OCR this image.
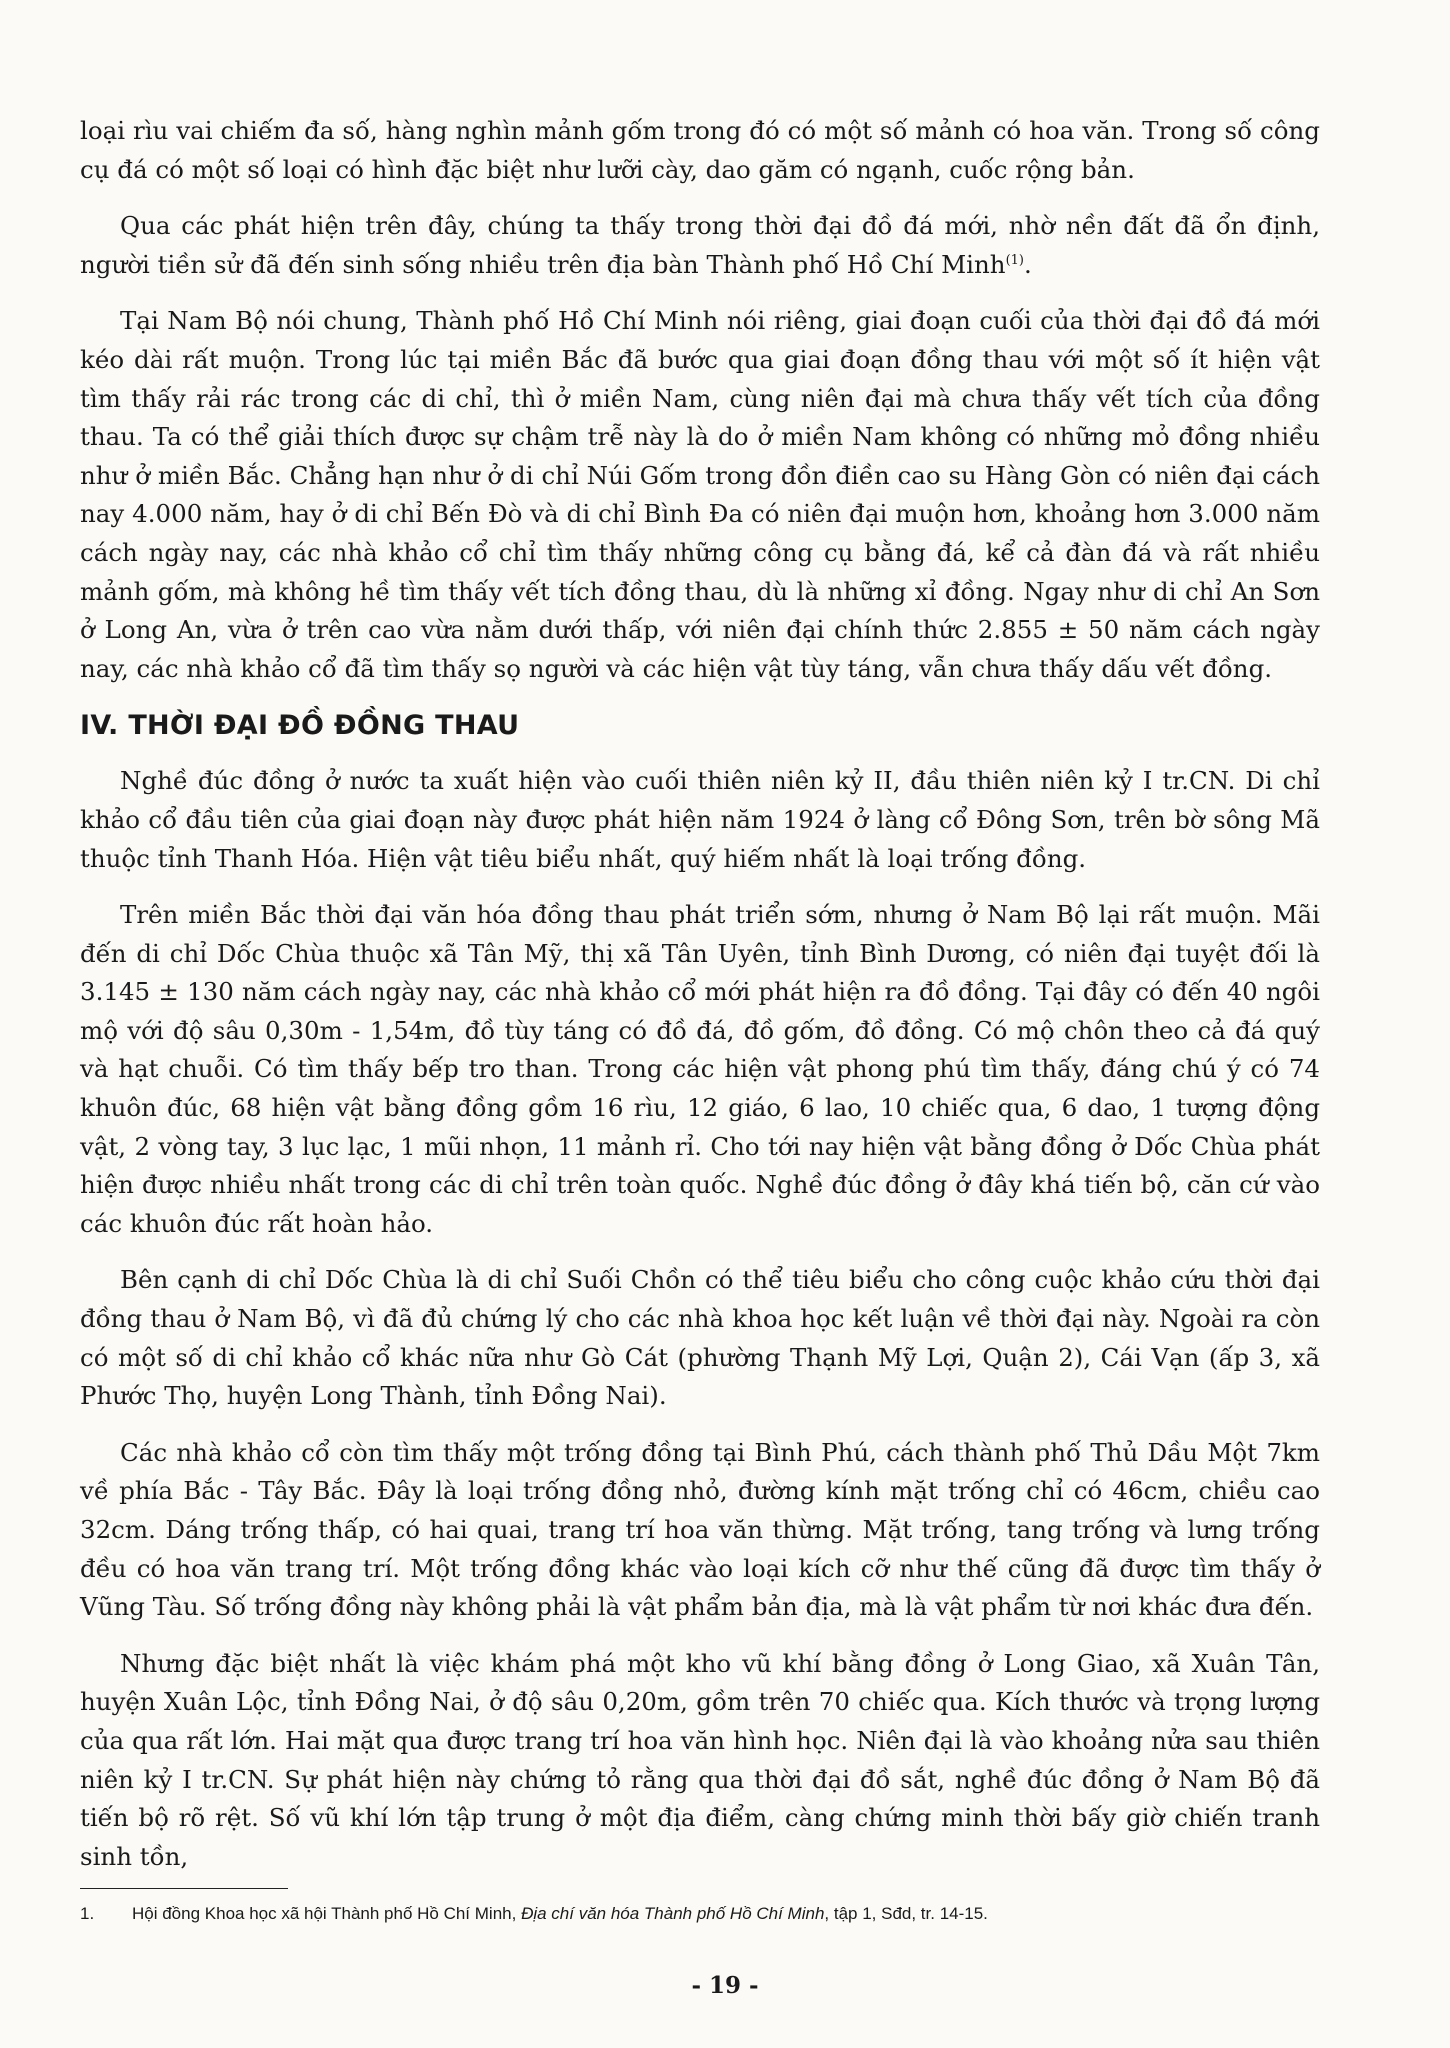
loại rìu vai chiếm đa số, hàng nghìn mảnh gốm trong đó có một số mảnh có hoa văn. Trong số công cụ đá có một số loại có hình đặc biệt như lưỡi cày, dao găm có ngạnh, cuốc rộng bản.

Qua các phát hiện trên đây, chúng ta thấy trong thời đại đồ đá mới, nhờ nền đất đã ổn định, người tiền sử đã đến sinh sống nhiều trên địa bàn Thành phố Hồ Chí Minh$^{(1)}$.

Tại Nam Bộ nói chung, Thành phố Hồ Chí Minh nói riêng, giai đoạn cuối của thời đại đồ đá mới kéo dài rất muộn. Trong lúc tại miền Bắc đã bước qua giai đoạn đồng thau với một số ít hiện vật tìm thấy rải rác trong các di chỉ, thì ở miền Nam, cùng niên đại mà chưa thấy vết tích của đồng thau. Ta có thể giải thích được sự chậm trễ này là do ở miền Nam không có những mỏ đồng nhiều như ở miền Bắc. Chẳng hạn như ở di chỉ Núi Gốm trong đồn điền cao su Hàng Gòn có niên đại cách nay 4.000 năm, hay ở di chỉ Bến Đò và di chỉ Bình Đa có niên đại muộn hơn, khoảng hơn 3.000 năm cách ngày nay, các nhà khảo cổ chỉ tìm thấy những công cụ bằng đá, kể cả đàn đá và rất nhiều mảnh gốm, mà không hề tìm thấy vết tích đồng thau, dù là những xỉ đồng. Ngay như di chỉ An Sơn ở Long An, vừa ở trên cao vừa nằm dưới thấp, với niên đại chính thức 2.855 ± 50 năm cách ngày nay, các nhà khảo cổ đã tìm thấy sọ người và các hiện vật tùy táng, vẫn chưa thấy dấu vết đồng.

IV. THỜI ĐẠI ĐỒ ĐỒNG THAU

Nghề đúc đồng ở nước ta xuất hiện vào cuối thiên niên kỷ II, đầu thiên niên kỷ I tr.CN. Di chỉ khảo cổ đầu tiên của giai đoạn này được phát hiện năm 1924 ở làng cổ Đông Sơn, trên bờ sông Mã thuộc tỉnh Thanh Hóa. Hiện vật tiêu biểu nhất, quý hiếm nhất là loại trống đồng.

Trên miền Bắc thời đại văn hóa đồng thau phát triển sớm, nhưng ở Nam Bộ lại rất muộn. Mãi đến di chỉ Dốc Chùa thuộc xã Tân Mỹ, thị xã Tân Uyên, tỉnh Bình Dương, có niên đại tuyệt đối là 3.145 ± 130 năm cách ngày nay, các nhà khảo cổ mới phát hiện ra đồ đồng. Tại đây có đến 40 ngôi mộ với độ sâu 0,30m - 1,54m, đồ tùy táng có đồ đá, đồ gốm, đồ đồng. Có mộ chôn theo cả đá quý và hạt chuỗi. Có tìm thấy bếp tro than. Trong các hiện vật phong phú tìm thấy, đáng chú ý có 74 khuôn đúc, 68 hiện vật bằng đồng gồm 16 rìu, 12 giáo, 6 lao, 10 chiếc qua, 6 dao, 1 tượng động vật, 2 vòng tay, 3 lục lạc, 1 mũi nhọn, 11 mảnh rỉ. Cho tới nay hiện vật bằng đồng ở Dốc Chùa phát hiện được nhiều nhất trong các di chỉ trên toàn quốc. Nghề đúc đồng ở đây khá tiến bộ, căn cứ vào các khuôn đúc rất hoàn hảo.

Bên cạnh di chỉ Dốc Chùa là di chỉ Suối Chồn có thể tiêu biểu cho công cuộc khảo cứu thời đại đồng thau ở Nam Bộ, vì đã đủ chứng lý cho các nhà khoa học kết luận về thời đại này. Ngoài ra còn có một số di chỉ khảo cổ khác nữa như Gò Cát (phường Thạnh Mỹ Lợi, Quận 2), Cái Vạn (ấp 3, xã Phước Thọ, huyện Long Thành, tỉnh Đồng Nai).

Các nhà khảo cổ còn tìm thấy một trống đồng tại Bình Phú, cách thành phố Thủ Dầu Một 7km về phía Bắc - Tây Bắc. Đây là loại trống đồng nhỏ, đường kính mặt trống chỉ có 46cm, chiều cao 32cm. Dáng trống thấp, có hai quai, trang trí hoa văn thừng. Mặt trống, tang trống và lưng trống đều có hoa văn trang trí. Một trống đồng khác vào loại kích cỡ như thế cũng đã được tìm thấy ở Vũng Tàu. Số trống đồng này không phải là vật phẩm bản địa, mà là vật phẩm từ nơi khác đưa đến.

Nhưng đặc biệt nhất là việc khám phá một kho vũ khí bằng đồng ở Long Giao, xã Xuân Tân, huyện Xuân Lộc, tỉnh Đồng Nai, ở độ sâu 0,20m, gồm trên 70 chiếc qua. Kích thước và trọng lượng của qua rất lớn. Hai mặt qua được trang trí hoa văn hình học. Niên đại là vào khoảng nửa sau thiên niên kỷ I tr.CN. Sự phát hiện này chứng tỏ rằng qua thời đại đồ sắt, nghề đúc đồng ở Nam Bộ đã tiến bộ rõ rệt. Số vũ khí lớn tập trung ở một địa điểm, càng chứng minh thời bấy giờ chiến tranh sinh tồn,

1. Hội đồng Khoa học xã hội Thành phố Hồ Chí Minh, Địa chí văn hóa Thành phố Hồ Chí Minh, tập 1, Sđd, tr. 14-15.
- 19 -
